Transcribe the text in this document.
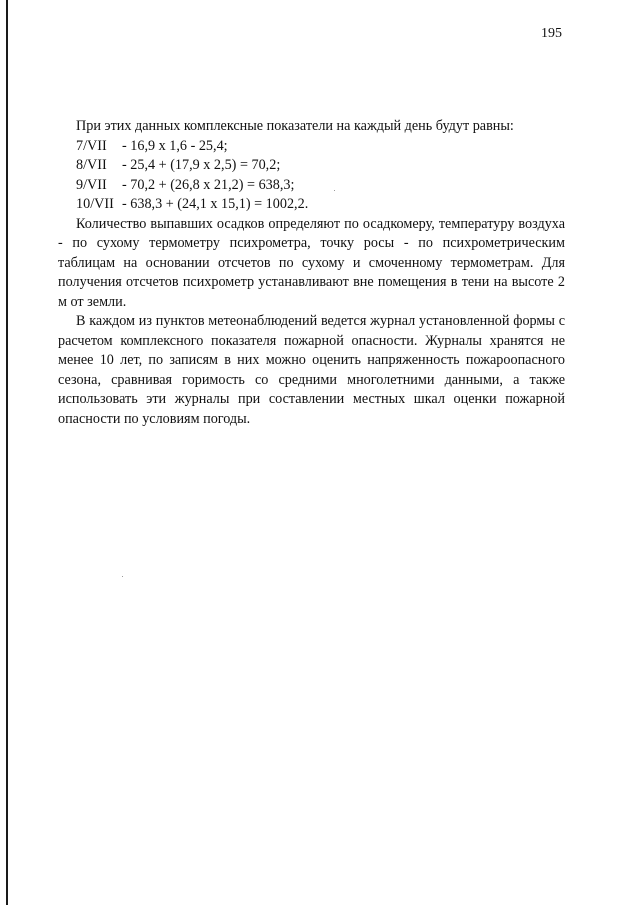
195

При этих данных комплексные показатели на каждый день будут равны:

7/VII	- 16,9 x 1,6 - 25,4;
8/VII	- 25,4 + (17,9 x 2,5) = 70,2;
9/VII	- 70,2 + (26,8 x 21,2) = 638,3;
10/VII - 638,3 + (24,1 x 15,1) = 1002,2.

Количество выпавших осадков определяют по осадкомеру, температуру воздуха - по сухому термометру психрометра, точку росы - по психрометрическим таблицам на основании отсчетов по сухому и смоченному термометрам. Для получения отсчетов психрометр устанавливают вне помещения в тени на высоте 2 м от земли.

В каждом из пунктов метеонаблюдений ведется журнал установленной формы с расчетом комплексного показателя пожарной опасности. Журналы хранятся не менее 10 лет, по записям в них можно оценить напряженность пожароопасного сезона, сравнивая горимость со средними многолетними данными, а также использовать эти журналы при составлении местных шкал оценки пожарной опасности по условиям погоды.
